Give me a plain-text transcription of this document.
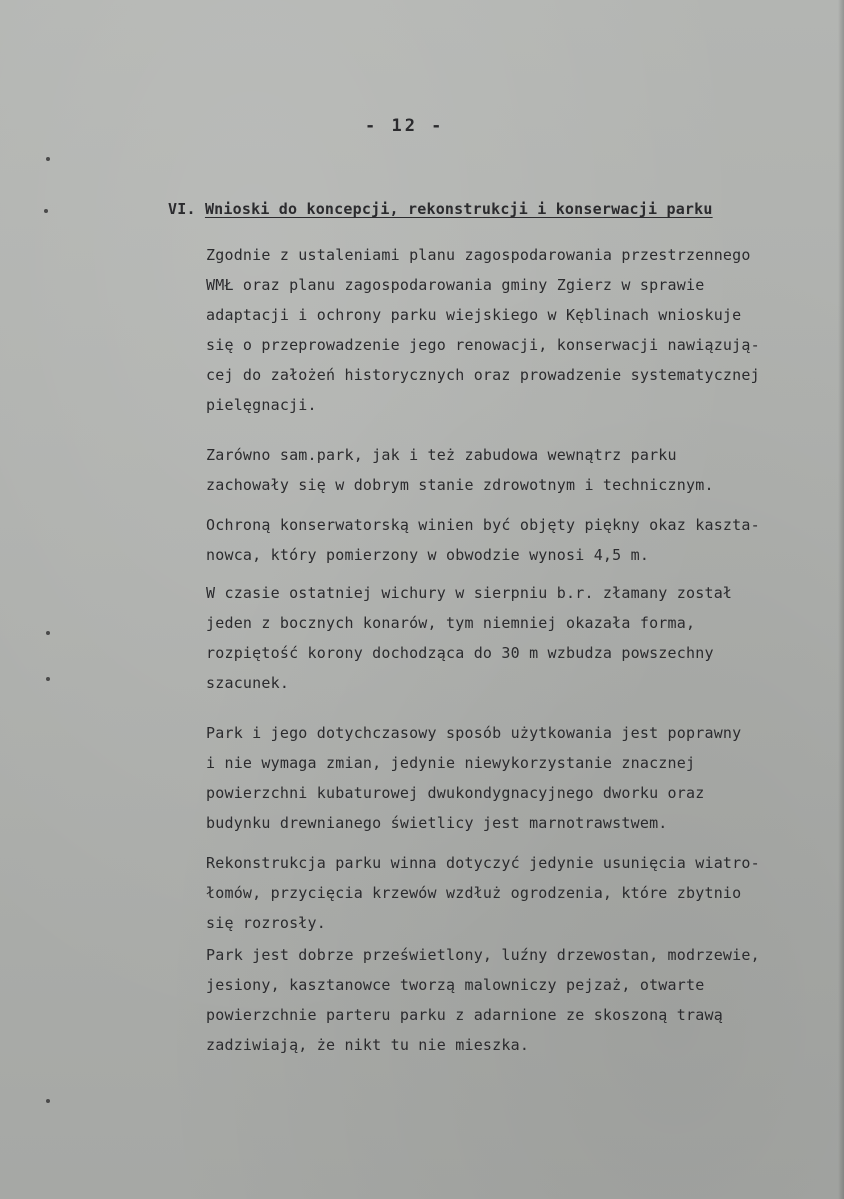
- 12 -
VI. Wnioski do koncepcji, rekonstrukcji i konserwacji parku
Zgodnie z ustaleniami planu zagospodarowania przestrzennego
WMŁ oraz planu zagospodarowania gminy Zgierz w sprawie
adaptacji i ochrony parku wiejskiego w Kęblinach wnioskuje
się o przeprowadzenie jego renowacji, konserwacji nawiązują-
cej do założeń historycznych oraz prowadzenie systematycznej
pielęgnacji.
Zarówno sam.park, jak i też zabudowa wewnątrz parku
zachowały się w dobrym stanie zdrowotnym i technicznym.
Ochroną konserwatorską winien być objęty piękny okaz kaszta-
nowca, który pomierzony w obwodzie wynosi 4,5 m.
W czasie ostatniej wichury w sierpniu b.r. złamany został
jeden z bocznych konarów, tym niemniej okazała forma,
rozpiętość korony dochodząca do 30 m wzbudza powszechny
szacunek.
Park i jego dotychczasowy sposób użytkowania jest poprawny
i nie wymaga zmian, jedynie niewykorzystanie znacznej
powierzchni kubaturowej dwukondygnacyjnego dworku oraz
budynku drewnianego świetlicy jest marnotrawstwem.
Rekonstrukcja parku winna dotyczyć jedynie usunięcia wiatro-
łomów, przycięcia krzewów wzdłuż ogrodzenia, które zbytnio
się rozrosły.
Park jest dobrze prześwietlony, luźny drzewostan, modrzewie,
jesiony, kasztanowce tworzą malowniczy pejzaż, otwarte
powierzchnie parteru parku z adarnione ze skoszoną trawą
zadziwiają, że nikt tu nie mieszka.
